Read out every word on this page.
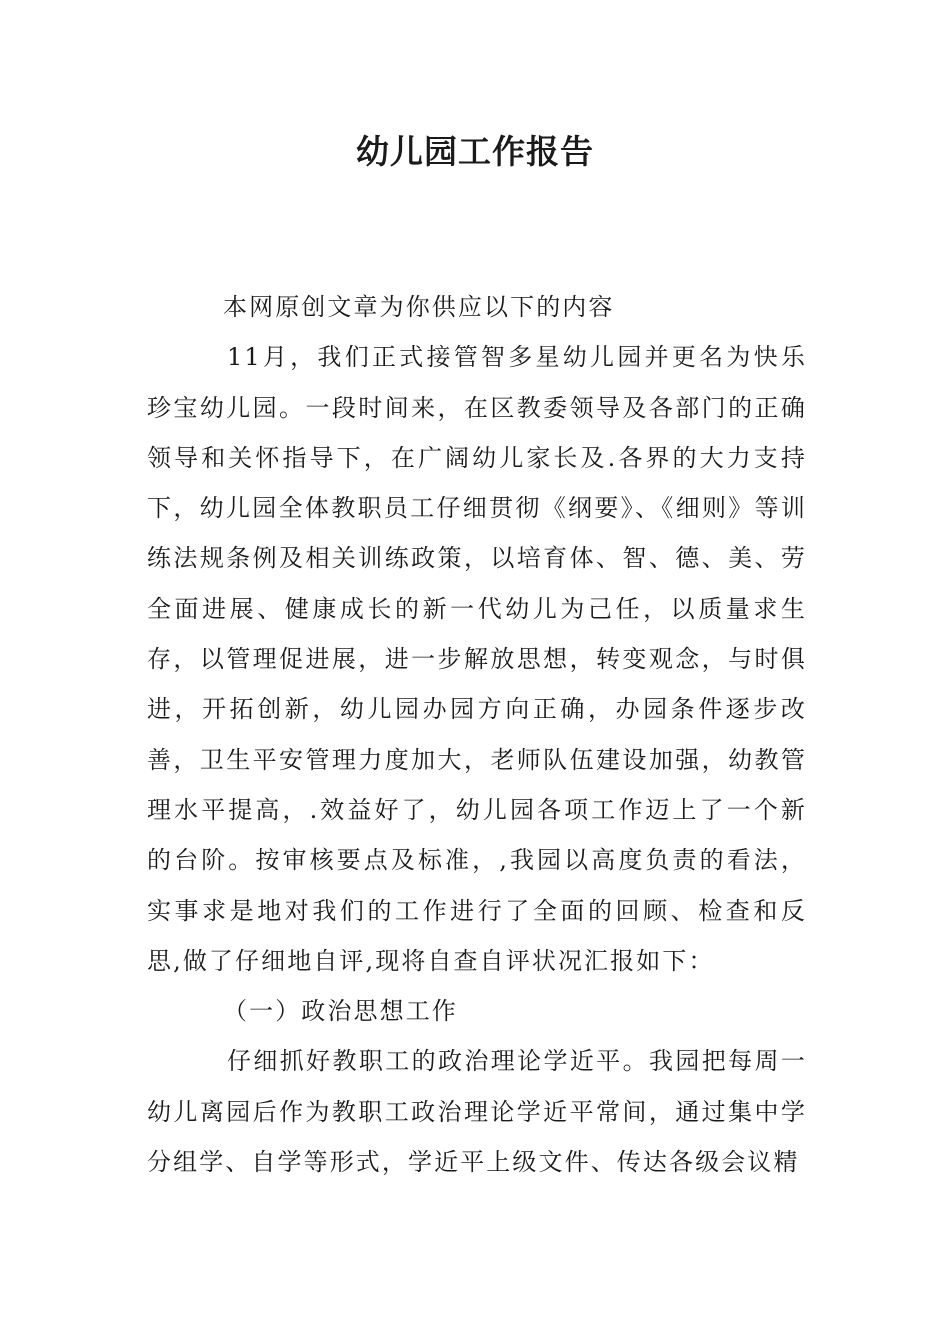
幼儿园工作报告

本网原创文章为你供应以下的内容

11月，我们正式接管智多星幼儿园并更名为快乐珍宝幼儿园。一段时间来，在区教委领导及各部门的正确领导和关怀指导下，在广阔幼儿家长及.各界的大力支持下，幼儿园全体教职员工仔细贯彻《纲要》、《细则》等训练法规条例及相关训练政策，以培育体、智、德、美、劳全面进展、健康成长的新一代幼儿为己任，以质量求生存，以管理促进展，进一步解放思想，转变观念，与时俱进，开拓创新，幼儿园办园方向正确，办园条件逐步改善，卫生平安管理力度加大，老师队伍建设加强，幼教管理水平提高，.效益好了，幼儿园各项工作迈上了一个新的台阶。按审核要点及标准，,我园以高度负责的看法，实事求是地对我们的工作进行了全面的回顾、检查和反思,做了仔细地自评,现将自查自评状况汇报如下：

（一）政治思想工作

仔细抓好教职工的政治理论学近平。我园把每周一幼儿离园后作为教职工政治理论学近平常间，通过集中学分组学、自学等形式，学近平上级文件、传达各级会议精
